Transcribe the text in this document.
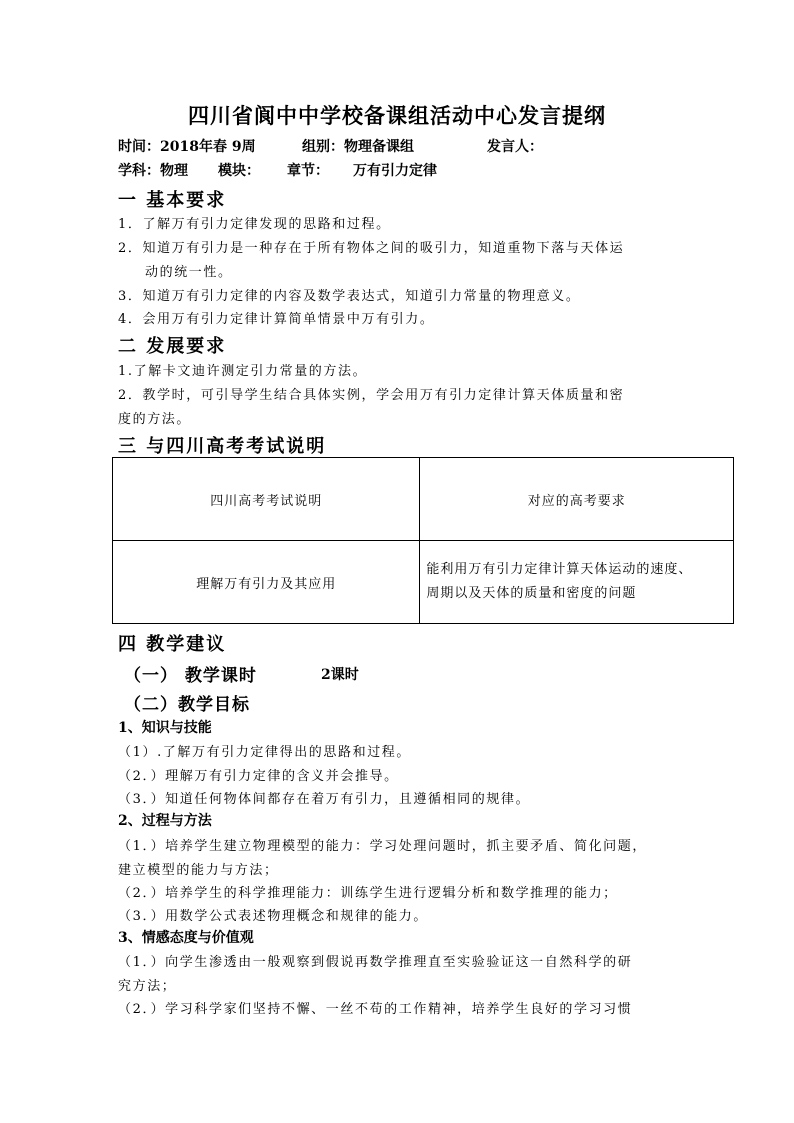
四川省阆中中学校备课组活动中心发言提纲
时间：2018年春 9周	组别：物理备课组	发言人：
学科：物理 模块： 章节： 万有引力定律
一 基本要求
1．了解万有引力定律发现的思路和过程。
2．知道万有引力是一种存在于所有物体之间的吸引力，知道重物下落与天体运
动的统一性。
3．知道万有引力定律的内容及数学表达式，知道引力常量的物理意义。
4．会用万有引力定律计算简单情景中万有引力。
二 发展要求
1.了解卡文迪许测定引力常量的方法。
2．教学时，可引导学生结合具体实例，学会用万有引力定律计算天体质量和密
度的方法。
三 与四川高考考试说明
四川高考考试说明	对应的高考要求
理解万有引力及其应用	能利用万有引力定律计算天体运动的速度、
周期以及天体的质量和密度的问题
四 教学建议
（一） 教学课时	2课时
（二）教学目标
1、知识与技能
（1）.了解万有引力定律得出的思路和过程。
（2．）理解万有引力定律的含义并会推导。
（3．）知道任何物体间都存在着万有引力，且遵循相同的规律。
2、过程与方法
（1．）培养学生建立物理模型的能力：学习处理问题时，抓主要矛盾、简化问题，
建立模型的能力与方法；
（2．）培养学生的科学推理能力：训练学生进行逻辑分析和数学推理的能力；
（3．）用数学公式表述物理概念和规律的能力。
3、情感态度与价值观
（1．）向学生渗透由一般观察到假说再数学推理直至实验验证这一自然科学的研
究方法；
（2．）学习科学家们坚持不懈、一丝不苟的工作精神，培养学生良好的学习习惯
